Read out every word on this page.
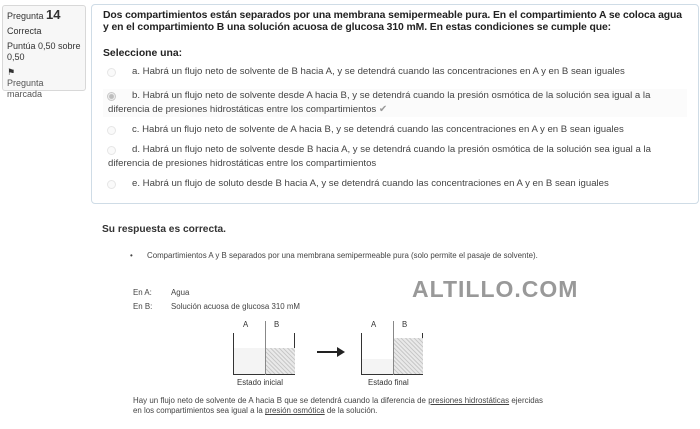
Pregunta 14
Correcta
Puntúa 0,50 sobre 0,50
⚑ Pregunta marcada
Dos compartimientos están separados por una membrana semipermeable pura. En el compartimiento A se coloca agua y en el compartimiento B una solución acuosa de glucosa 310 mM. En estas condiciones se cumple que:
Seleccione una:
a. Habrá un flujo neto de solvente de B hacia A, y se detendrá cuando las concentraciones en A y en B sean iguales
b. Habrá un flujo neto de solvente desde A hacia B, y se detendrá cuando la presión osmótica de la solución sea igual a la diferencia de presiones hidrostáticas entre los compartimientos ✔
c. Habrá un flujo neto de solvente de A hacia B, y se detendrá cuando las concentraciones en A y en B sean iguales
d. Habrá un flujo neto de solvente desde B hacia A, y se detendrá cuando la presión osmótica de la solución sea igual a la diferencia de presiones hidrostáticas entre los compartimientos
e. Habrá un flujo de soluto desde B hacia A, y se detendrá cuando las concentraciones en A y en B sean iguales
Su respuesta es correcta.
•	Compartimientos A y B separados por una membrana semipermeable pura (solo permite el pasaje de solvente).
En A: Agua
En B: Solución acuosa de glucosa 310 mM
ALTILLO.COM
A	B	A	B
Estado inicial	Estado final
Hay un flujo neto de solvente de A hacia B que se detendrá cuando la diferencia de presiones hidrostáticas ejercidas en los compartimientos sea igual a la presión osmótica de la solución.
